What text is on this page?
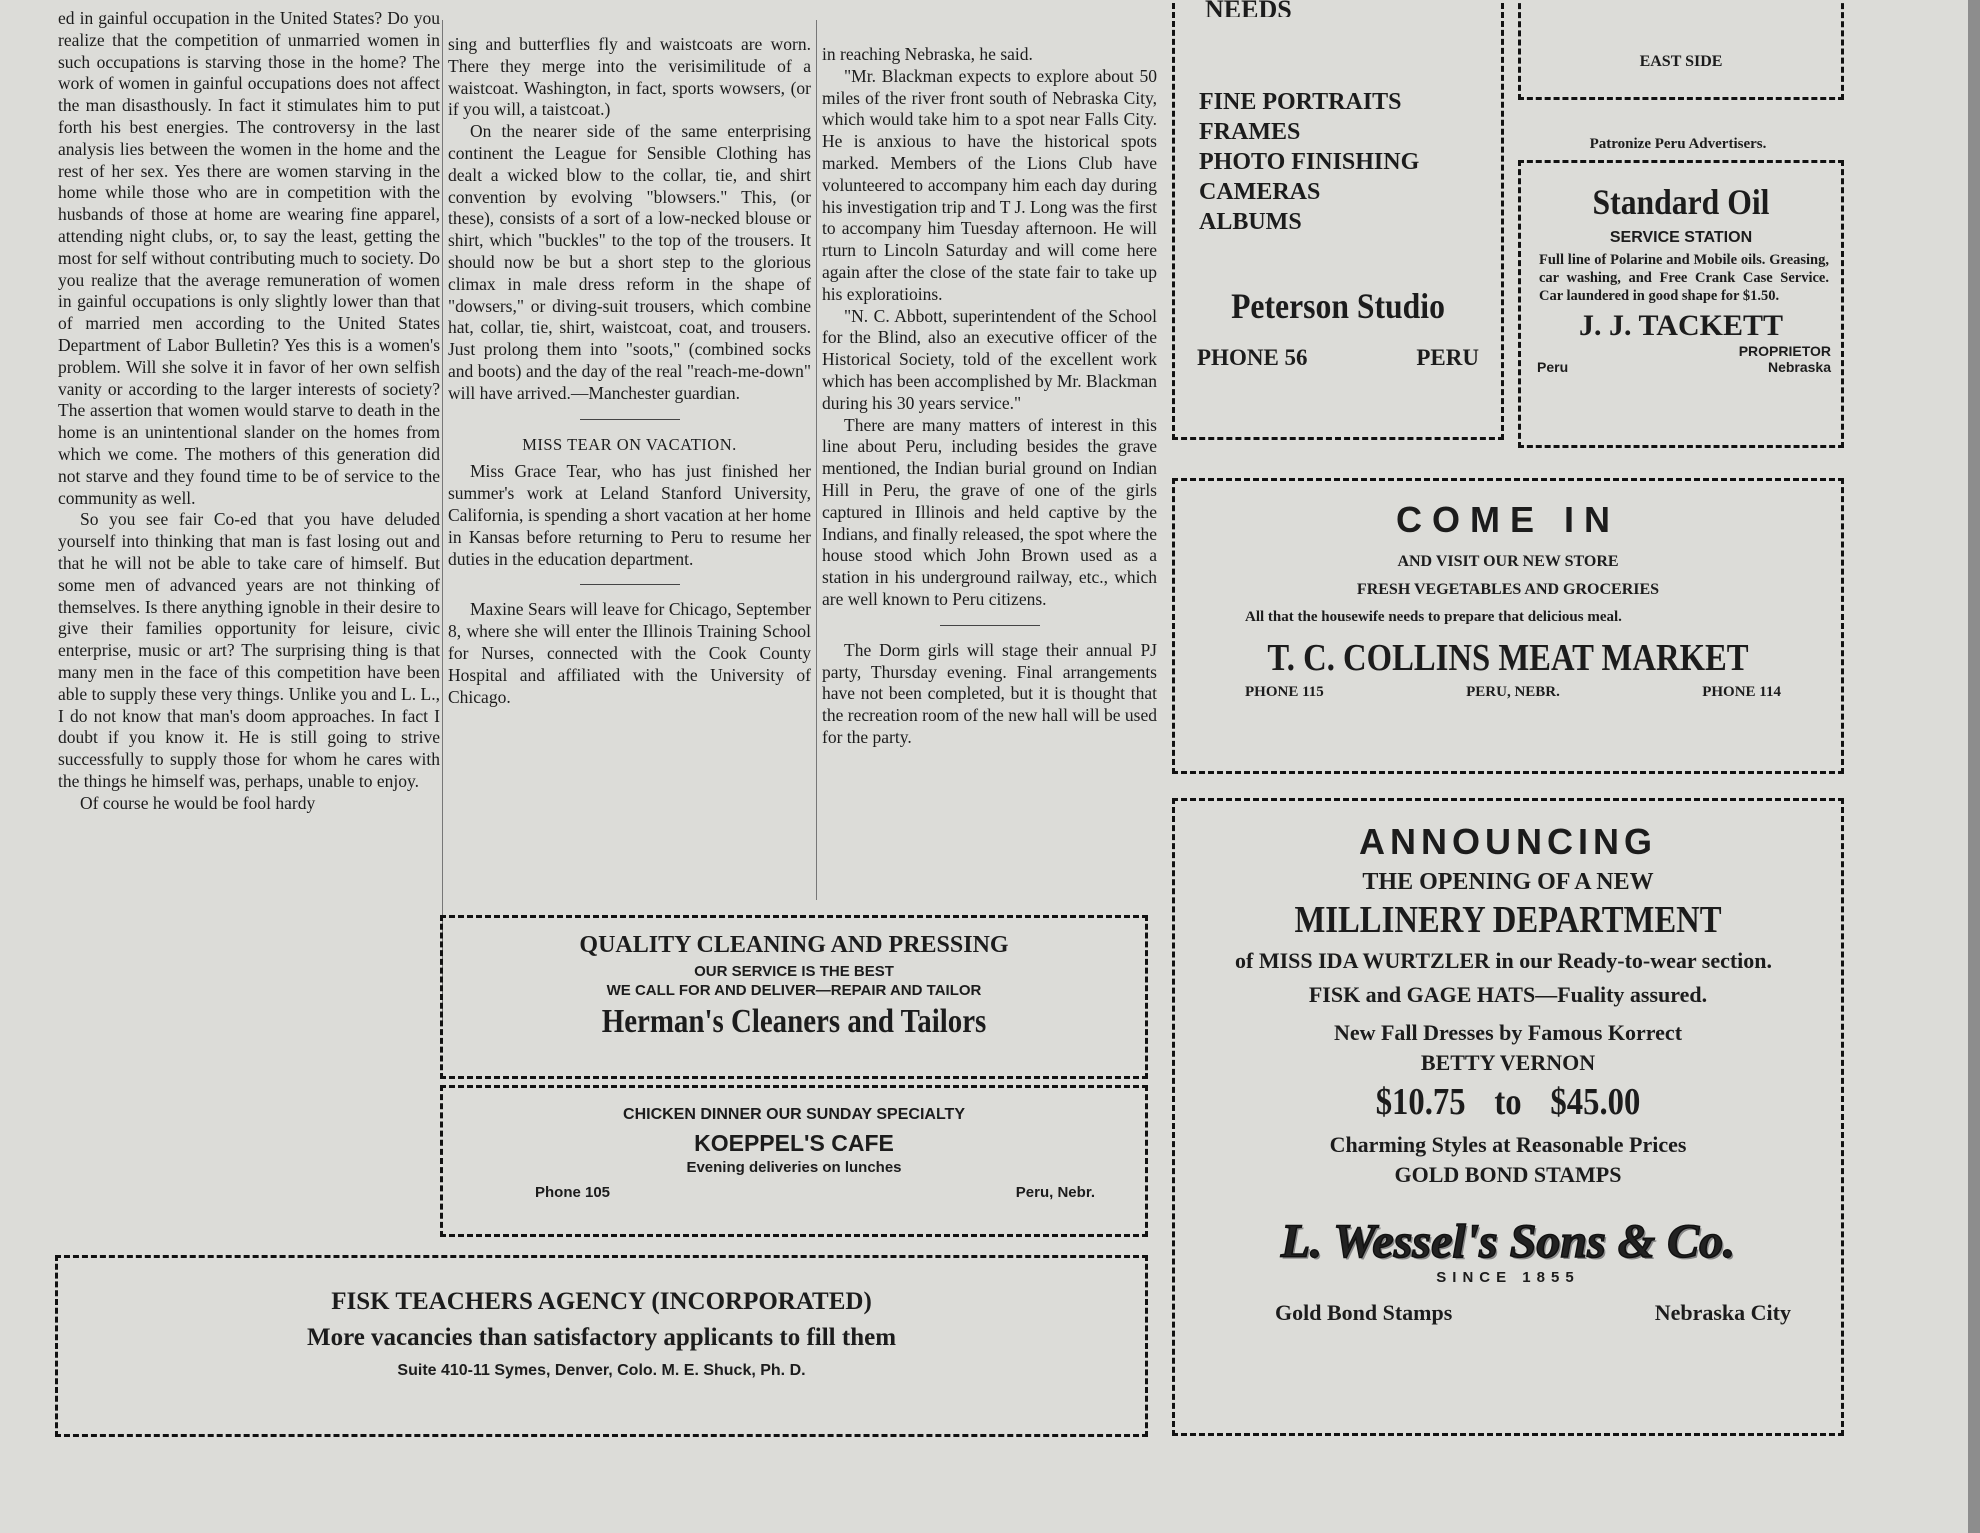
ed in gainful occupation in the United States? Do you realize that the competition of unmarried women in such occupations is starving those in the home? The work of women in gainful occupations does not affect the man disasthously. In fact it stimulates him to put forth his best energies. The controversy in the last analysis lies between the women in the home and the rest of her sex. Yes there are women starving in the home while those who are in competition with the husbands of those at home are wearing fine apparel, attending night clubs, or, to say the least, getting the most for self without contributing much to society. Do you realize that the average remuneration of women in gainful occupations is only slightly lower than that of married men according to the United States Department of Labor Bulletin? Yes this is a women's problem. Will she solve it in favor of her own selfish vanity or according to the larger interests of society? The assertion that women would starve to death in the home is an unintentional slander on the homes from which we come. The mothers of this generation did not starve and they found time to be of service to the community as well.

So you see fair Co-ed that you have deluded yourself into thinking that man is fast losing out and that he will not be able to take care of himself. But some men of advanced years are not thinking of themselves. Is there anything ignoble in their desire to give their families opportunity for leisure, civic enterprise, music or art? The surprising thing is that many men in the face of this competition have been able to supply these very things. Unlike you and L. L., I do not know that man's doom approaches. In fact I doubt if you know it. He is still going to strive successfully to supply those for whom he cares with the things he himself was, perhaps, unable to enjoy.

Of course he would be fool hardy

sing and butterflies fly and waistcoats are worn. There they merge into the verisimilitude of a waistcoat. Washington, in fact, sports wowsers, (or if you will, a taistcoat.)

On the nearer side of the same enterprising continent the League for Sensible Clothing has dealt a wicked blow to the collar, tie, and shirt convention by evolving "blowsers." This, (or these), consists of a sort of a low-necked blouse or shirt, which "buckles" to the top of the trousers. It should now be but a short step to the glorious climax in male dress reform in the shape of "dowsers," or diving-suit trousers, which combine hat, collar, tie, shirt, waistcoat, coat, and trousers. Just prolong them into "soots," (combined socks and boots) and the day of the real "reach-me-down" will have arrived.—Manchester guardian.

MISS TEAR ON VACATION.

Miss Grace Tear, who has just finished her summer's work at Leland Stanford University, California, is spending a short vacation at her home in Kansas before returning to Peru to resume her duties in the education department.

Maxine Sears will leave for Chicago, September 8, where she will enter the Illinois Training School for Nurses, connected with the Cook County Hospital and affiliated with the University of Chicago.

in reaching Nebraska, he said.

"Mr. Blackman expects to explore about 50 miles of the river front south of Nebraska City, which would take him to a spot near Falls City. He is anxious to have the historical spots marked. Members of the Lions Club have volunteered to accompany him each day during his investigation trip and T J. Long was the first to accompany him Tuesday afternoon. He will rturn to Lincoln Saturday and will come here again after the close of the state fair to take up his exploratioins.

"N. C. Abbott, superintendent of the School for the Blind, also an executive officer of the Historical Society, told of the excellent work which has been accomplished by Mr. Blackman during his 30 years service."

There are many matters of interest in this line about Peru, including besides the grave mentioned, the Indian burial ground on Indian Hill in Peru, the grave of one of the girls captured in Illinois and held captive by the Indians, and finally released, the spot where the house stood which John Brown used as a station in his underground railway, etc., which are well known to Peru citizens.

The Dorm girls will stage their annual PJ party, Thursday evening. Final arrangements have not been completed, but it is thought that the recreation room of the new hall will be used for the party.

QUALITY CLEANING AND PRESSING
OUR SERVICE IS THE BEST
WE CALL FOR AND DELIVER—REPAIR AND TAILOR
Herman's Cleaners and Tailors
CHICKEN DINNER OUR SUNDAY SPECIALTY
KOEPPEL'S CAFE
Evening deliveries on lunches
Phone 105	Peru, Nebr.
FISK TEACHERS AGENCY (INCORPORATED)
More vacancies than satisfactory applicants to fill them
Suite 410-11 Symes, Denver, Colo. M. E. Shuck, Ph. D.
NEEDS
FINE PORTRAITS
FRAMES
PHOTO FINISHING
CAMERAS
ALBUMS
Peterson Studio
PHONE 56	PERU
EAST SIDE
Patronize Peru Advertisers.
Standard Oil
SERVICE STATION
Full line of Polarine and Mobile oils. Greasing, car washing, and Free Crank Case Service. Car laundered in good shape for $1.50.
J. J. TACKETT
PROPRIETOR
Peru	Nebraska
COME IN
AND VISIT OUR NEW STORE
FRESH VEGETABLES AND GROCERIES
All that the housewife needs to prepare that delicious meal.
T. C. COLLINS MEAT MARKET
PHONE 115	PERU, NEBR.	PHONE 114
ANNOUNCING
THE OPENING OF A NEW
MILLINERY DEPARTMENT
of MISS IDA WURTZLER in our Ready-to-wear section.
FISK and GAGE HATS—Fuality assured.
New Fall Dresses by Famous Korrect
BETTY VERNON
$10.75 to $45.00
Charming Styles at Reasonable Prices
GOLD BOND STAMPS
L. Wessel's Sons & Co.
SINCE 1855
Gold Bond Stamps	Nebraska City
